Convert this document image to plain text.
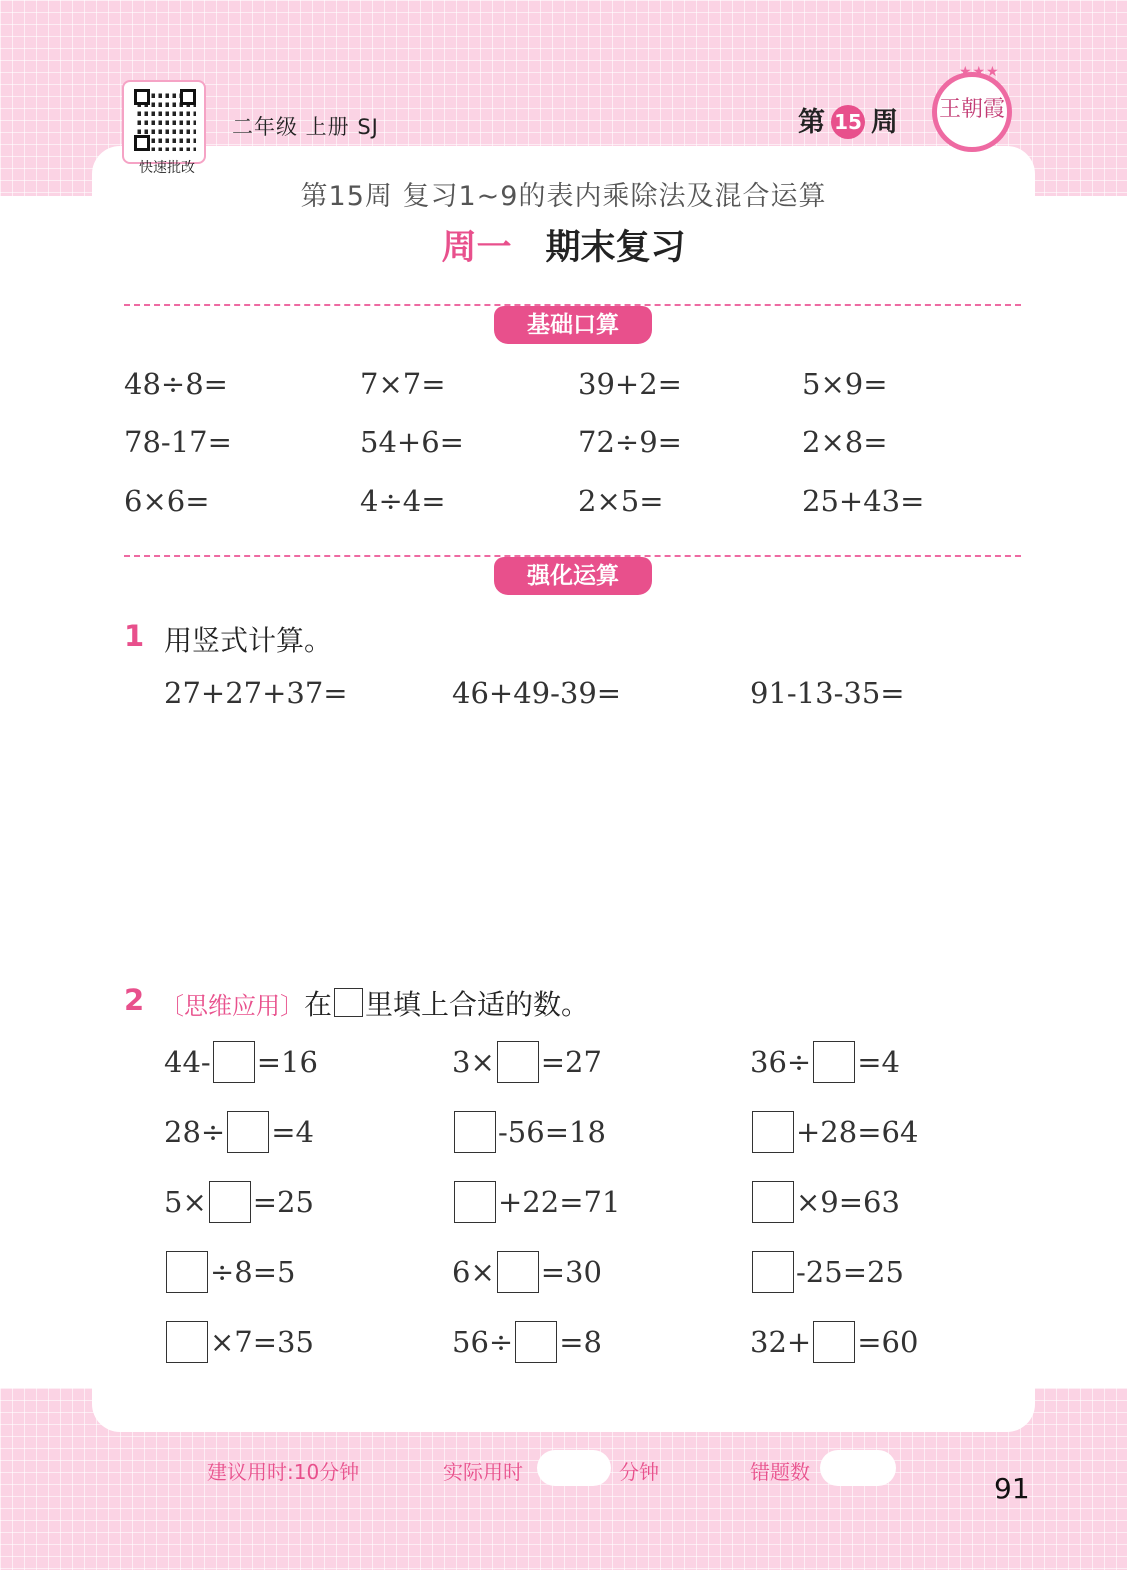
快速批改
二年级 上册 SJ	第 15 周
★★★
王朝霞
第15周 复习1~9的表内乘除法及混合运算
周一 期末复习
基础口算
48÷8=	7×7=	39+2=	5×9=
78-17=	54+6=	72÷9=	2×8=
6×6=	4÷4=	2×5=	25+43=
强化运算
1 用竖式计算。
27+27+37=	46+49-39=	91-13-35=
2 〔思维应用〕在 里填上合适的数。
44- =16	3× =27	36÷ =4
28÷ =4	-56=18	+28=64
5× =25	+22=71	×9=63
÷8=5	6× =30	-25=25
×7=35	56÷ =8	32+ =60
建议用时:10分钟	实际用时	分钟	错题数	91
